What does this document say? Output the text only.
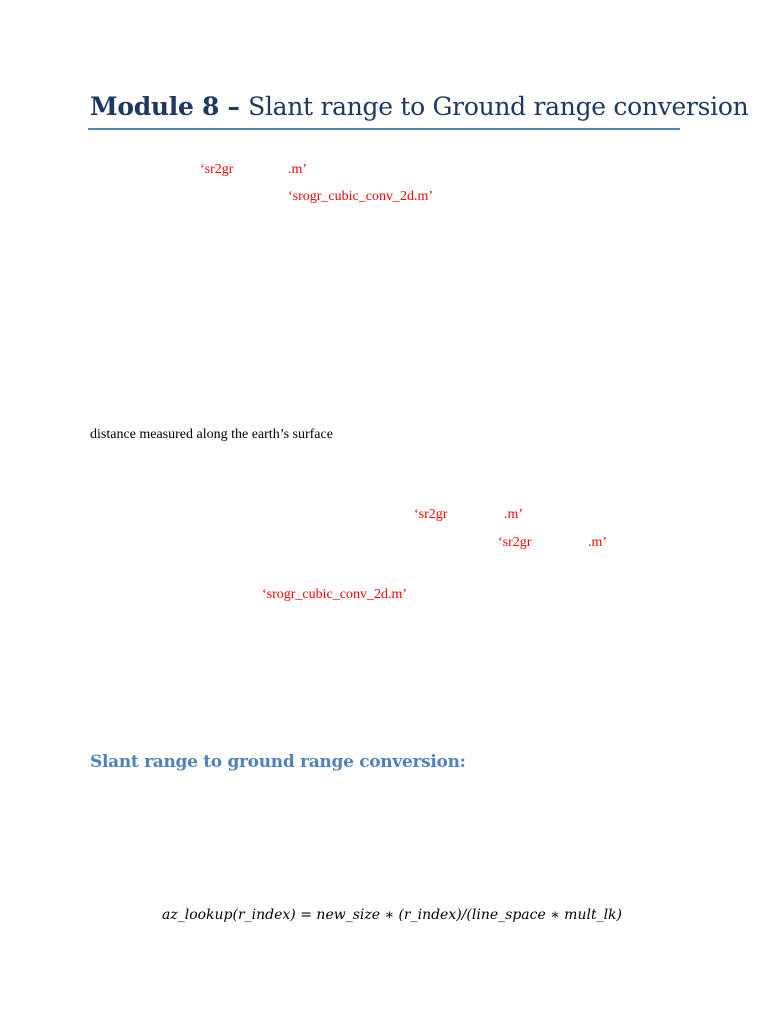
Module 8 – Slant range to Ground range conversion
‘sr2gr	.m’
‘srogr_cubic_conv_2d.m’
distance measured along the earth’s surface
‘sr2gr	.m’
‘sr2gr	.m’
‘srogr_cubic_conv_2d.m’
Slant range to ground range conversion:
az_lookup(r_index) = new_size ∗ (r_index)/(line_space ∗ mult_lk)
